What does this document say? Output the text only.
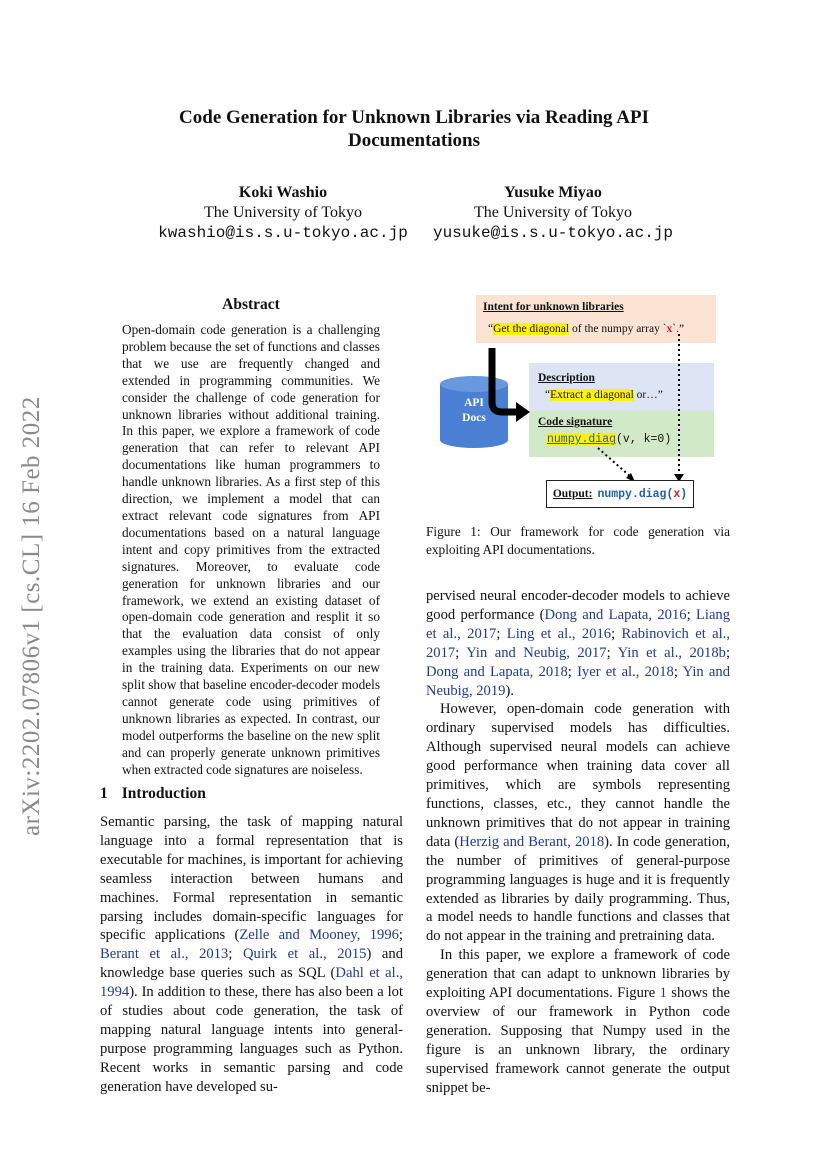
arXiv:2202.07806v1 [cs.CL] 16 Feb 2022
Code Generation for Unknown Libraries via Reading API
Documentations
Koki Washio
The University of Tokyo
kwashio@is.s.u-tokyo.ac.jp
Yusuke Miyao
The University of Tokyo
yusuke@is.s.u-tokyo.ac.jp
Abstract
Open-domain code generation is a challenging problem because the set of functions and classes that we use are frequently changed and extended in programming communities. We consider the challenge of code generation for unknown libraries without additional training. In this paper, we explore a framework of code generation that can refer to relevant API documentations like human programmers to handle unknown libraries. As a first step of this direction, we implement a model that can extract relevant code signatures from API documentations based on a natural language intent and copy primitives from the extracted signatures. Moreover, to evaluate code generation for unknown libraries and our framework, we extend an existing dataset of open-domain code generation and resplit it so that the evaluation data consist of only examples using the libraries that do not appear in the training data. Experiments on our new split show that baseline encoder-decoder models cannot generate code using primitives of unknown libraries as expected. In contrast, our model outperforms the baseline on the new split and can properly generate unknown primitives when extracted code signatures are noiseless.
1 Introduction

Semantic parsing, the task of mapping natural language into a formal representation that is executable for machines, is important for achieving seamless interaction between humans and machines. Formal representation in semantic parsing includes domain-specific languages for specific applications (Zelle and Mooney, 1996; Berant et al., 2013; Quirk et al., 2015) and knowledge base queries such as SQL (Dahl et al., 1994). In addition to these, there has also been a lot of studies about code generation, the task of mapping natural language intents into general-purpose programming languages such as Python. Recent works in semantic parsing and code generation have developed su-

Intent for unknown libraries
“Get the diagonal of the numpy array `x`.”
Description
“Extract a diagonal or…”
Code signature
numpy.diag(v, k=0)
API
Docs
Output: numpy.diag(x)
Figure 1: Our framework for code generation via exploiting API documentations.

pervised neural encoder-decoder models to achieve good performance (Dong and Lapata, 2016; Liang et al., 2017; Ling et al., 2016; Rabinovich et al., 2017; Yin and Neubig, 2017; Yin et al., 2018b; Dong and Lapata, 2018; Iyer et al., 2018; Yin and Neubig, 2019).

However, open-domain code generation with ordinary supervised models has difficulties. Although supervised neural models can achieve good performance when training data cover all primitives, which are symbols representing functions, classes, etc., they cannot handle the unknown primitives that do not appear in training data (Herzig and Berant, 2018). In code generation, the number of primitives of general-purpose programming languages is huge and it is frequently extended as libraries by daily programming. Thus, a model needs to handle functions and classes that do not appear in the training and pretraining data.

In this paper, we explore a framework of code generation that can adapt to unknown libraries by exploiting API documentations. Figure 1 shows the overview of our framework in Python code generation. Supposing that Numpy used in the figure is an unknown library, the ordinary supervised framework cannot generate the output snippet be-
